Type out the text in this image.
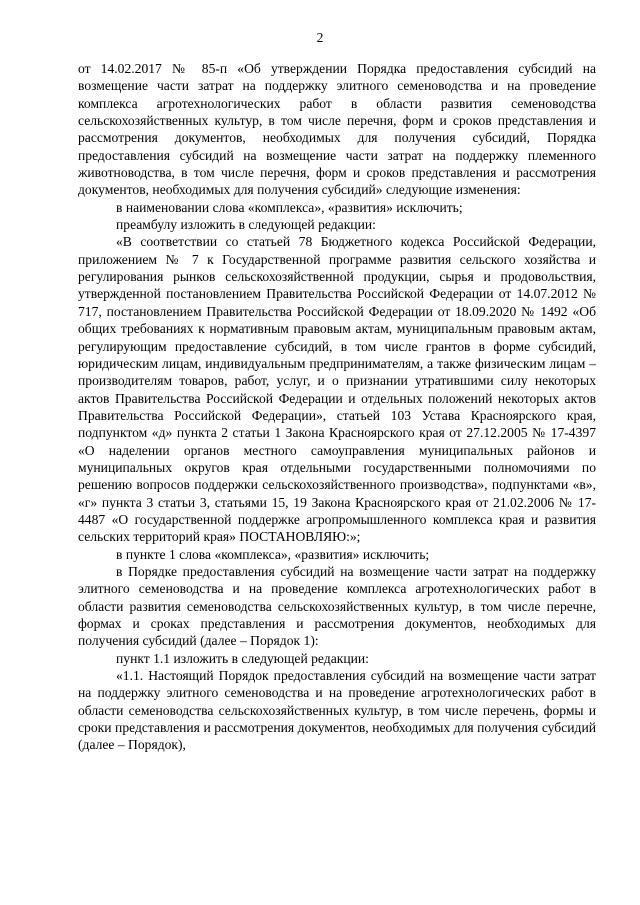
2

от 14.02.2017 № 85-п «Об утверждении Порядка предоставления субсидий на возмещение части затрат на поддержку элитного семеноводства и на проведение комплекса агротехнологических работ в области развития семеноводства сельскохозяйственных культур, в том числе перечня, форм и сроков представления и рассмотрения документов, необходимых для получения субсидий, Порядка предоставления субсидий на возмещение части затрат на поддержку племенного животноводства, в том числе перечня, форм и сроков представления и рассмотрения документов, необходимых для получения субсидий» следующие изменения:

в наименовании слова «комплекса», «развития» исключить;

преамбулу изложить в следующей редакции:

«В соответствии со статьей 78 Бюджетного кодекса Российской Федерации, приложением № 7 к Государственной программе развития сельского хозяйства и регулирования рынков сельскохозяйственной продукции, сырья и продовольствия, утвержденной постановлением Правительства Российской Федерации от 14.07.2012 № 717, постановлением Правительства Российской Федерации от 18.09.2020 № 1492 «Об общих требованиях к нормативным правовым актам, муниципальным правовым актам, регулирующим предоставление субсидий, в том числе грантов в форме субсидий, юридическим лицам, индивидуальным предпринимателям, а также физическим лицам – производителям товаров, работ, услуг, и о признании утратившими силу некоторых актов Правительства Российской Федерации и отдельных положений некоторых актов Правительства Российской Федерации», статьей 103 Устава Красноярского края, подпунктом «д» пункта 2 статьи 1 Закона Красноярского края от 27.12.2005 № 17-4397 «О наделении органов местного самоуправления муниципальных районов и муниципальных округов края отдельными государственными полномочиями по решению вопросов поддержки сельскохозяйственного производства», подпунктами «в», «г» пункта 3 статьи 3, статьями 15, 19 Закона Красноярского края от 21.02.2006 № 17-4487 «О государственной поддержке агропромышленного комплекса края и развития сельских территорий края» ПОСТАНОВЛЯЮ:»;

в пункте 1 слова «комплекса», «развития» исключить;

в Порядке предоставления субсидий на возмещение части затрат на поддержку элитного семеноводства и на проведение комплекса агротехнологических работ в области развития семеноводства сельскохозяйственных культур, в том числе перечне, формах и сроках представления и рассмотрения документов, необходимых для получения субсидий (далее – Порядок 1):

пункт 1.1 изложить в следующей редакции:

«1.1. Настоящий Порядок предоставления субсидий на возмещение части затрат на поддержку элитного семеноводства и на проведение агротехнологических работ в области семеноводства сельскохозяйственных культур, в том числе перечень, формы и сроки представления и рассмотрения документов, необходимых для получения субсидий (далее – Порядок),
